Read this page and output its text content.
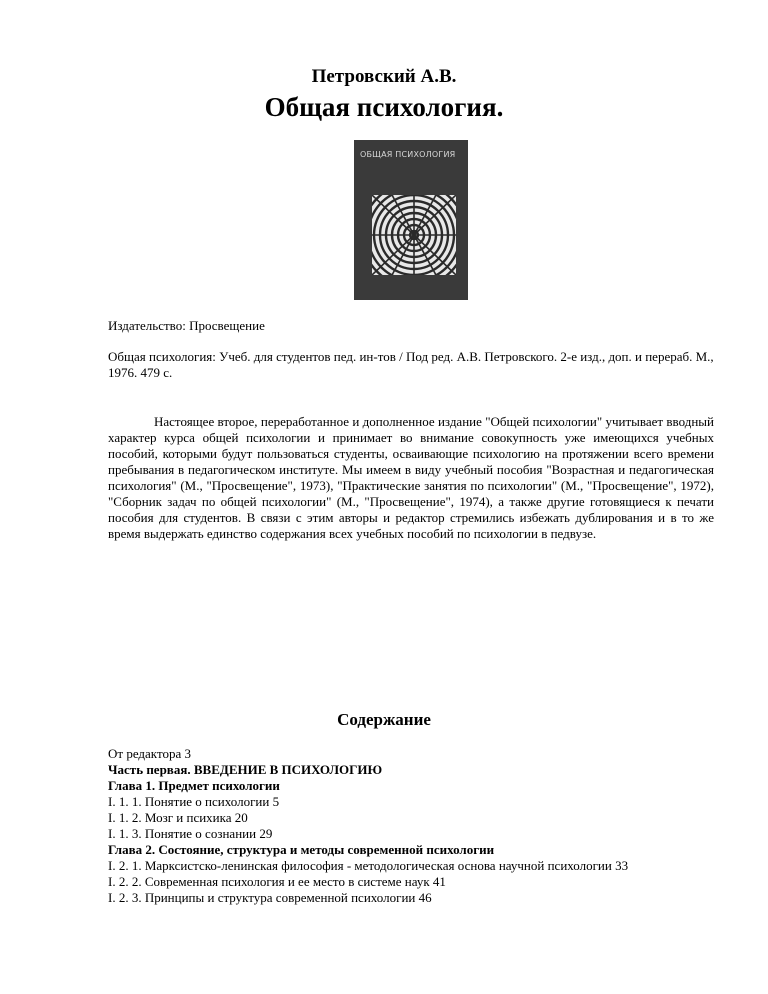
Петровский А.В.
Общая психология.
ОБЩАЯ ПСИХОЛОГИЯ
Издательство: Просвещение
Общая психология: Учеб. для студентов пед. ин-тов / Под ред. А.В. Петровского. 2-е изд., доп. и перераб. М., 1976. 479 с.
Настоящее второе, переработанное и дополненное издание "Общей психологии" учитывает вводный характер курса общей психологии и принимает во внимание совокупность уже имеющихся учебных пособий, которыми будут пользоваться студенты, осваивающие психологию на протяжении всего времени пребывания в педагогическом институте. Мы имеем в виду учебный пособия "Возрастная и педагогическая психология" (М., "Просвещение", 1973), "Практические занятия по психологии" (М., "Просвещение", 1972), "Сборник задач по общей психологии" (М., "Просвещение", 1974), а также другие готовящиеся к печати пособия для студентов. В связи с этим авторы и редактор стремились избежать дублирования и в то же время выдержать единство содержания всех учебных пособий по психологии в педвузе.
Содержание
От редактора 3
Часть первая. ВВЕДЕНИЕ В ПСИХОЛОГИЮ
Глава 1. Предмет психологии
I. 1. 1. Понятие о психологии 5
I. 1. 2. Мозг и психика 20
I. 1. 3. Понятие о сознании 29
Глава 2. Состояние, структура и методы современной психологии
I. 2. 1. Марксистско-ленинская философия - методологическая основа научной психологии 33
I. 2. 2. Современная психология и ее место в системе наук 41
I. 2. 3. Принципы и структура современной психологии 46
